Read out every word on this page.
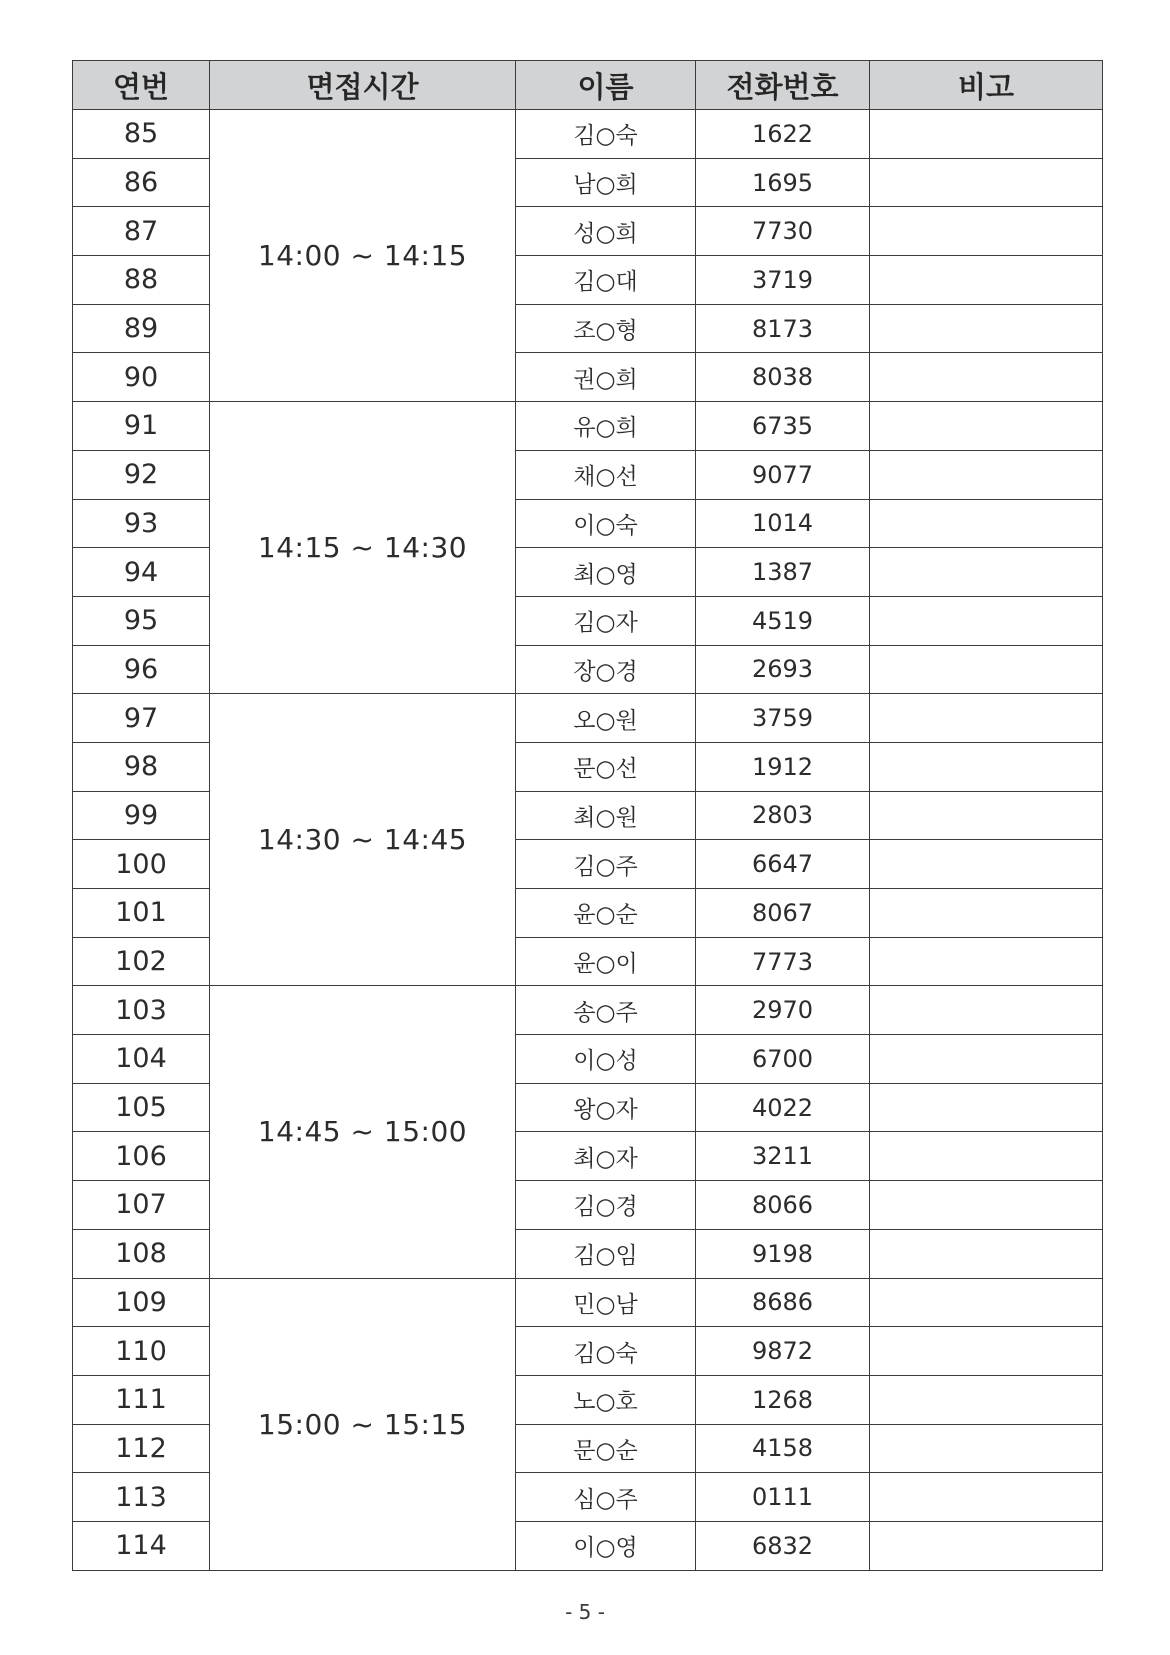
연번	면접시간	이름	전화번호	비고
85	14:00 ~ 14:15	김○숙	1622	
86		남○희	1695	
87		성○희	7730	
88		김○대	3719	
89		조○형	8173	
90		권○희	8038	
91	14:15 ~ 14:30	유○희	6735	
92		채○선	9077	
93		이○숙	1014	
94		최○영	1387	
95		김○자	4519	
96		장○경	2693	
97	14:30 ~ 14:45	오○원	3759	
98		문○선	1912	
99		최○원	2803	
100		김○주	6647	
101		윤○순	8067	
102		윤○이	7773	
103	14:45 ~ 15:00	송○주	2970	
104		이○성	6700	
105		왕○자	4022	
106		최○자	3211	
107		김○경	8066	
108		김○임	9198	
109	15:00 ~ 15:15	민○남	8686	
110		김○숙	9872	
111		노○호	1268	
112		문○순	4158	
113		심○주	0111	
114		이○영	6832	
- 5 -
